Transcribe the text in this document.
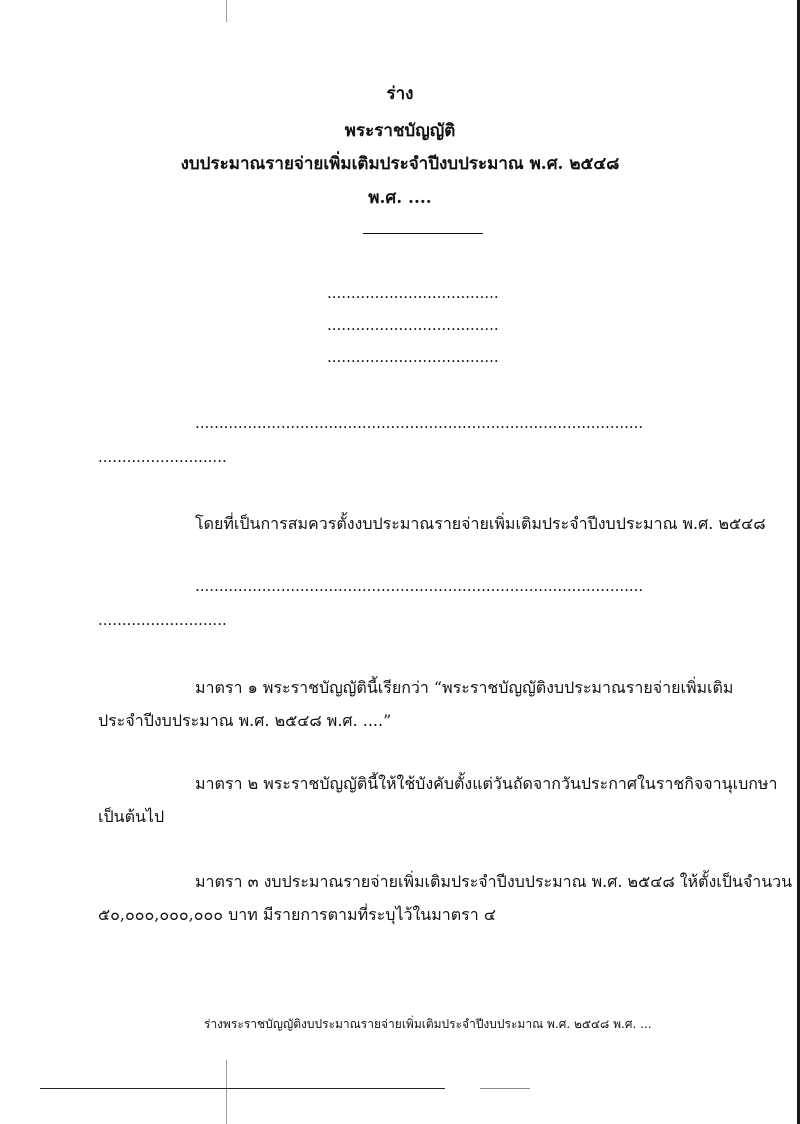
ร่าง
พระราชบัญญัติ
งบประมาณรายจ่ายเพิ่มเติมประจำปีงบประมาณ พ.ศ. ๒๕๔๘
พ.ศ. ....
....................................
....................................
....................................
..............................................................................................
...........................
โดยที่เป็นการสมควรตั้งงบประมาณรายจ่ายเพิ่มเติมประจำปีงบประมาณ พ.ศ. ๒๕๔๘
..............................................................................................
...........................
มาตรา ๑ พระราชบัญญัตินี้เรียกว่า “พระราชบัญญัติงบประมาณรายจ่ายเพิ่มเติม
ประจำปีงบประมาณ พ.ศ. ๒๕๔๘ พ.ศ. ....”
มาตรา ๒ พระราชบัญญัตินี้ให้ใช้บังคับตั้งแต่วันถัดจากวันประกาศในราชกิจจานุเบกษา
เป็นต้นไป
มาตรา ๓ งบประมาณรายจ่ายเพิ่มเติมประจำปีงบประมาณ พ.ศ. ๒๕๔๘ ให้ตั้งเป็นจำนวน
๕๐,๐๐๐,๐๐๐,๐๐๐ บาท มีรายการตามที่ระบุไว้ในมาตรา ๔
ร่างพระราชบัญญัติงบประมาณรายจ่ายเพิ่มเติมประจำปีงบประมาณ พ.ศ. ๒๕๔๘ พ.ศ. ...
